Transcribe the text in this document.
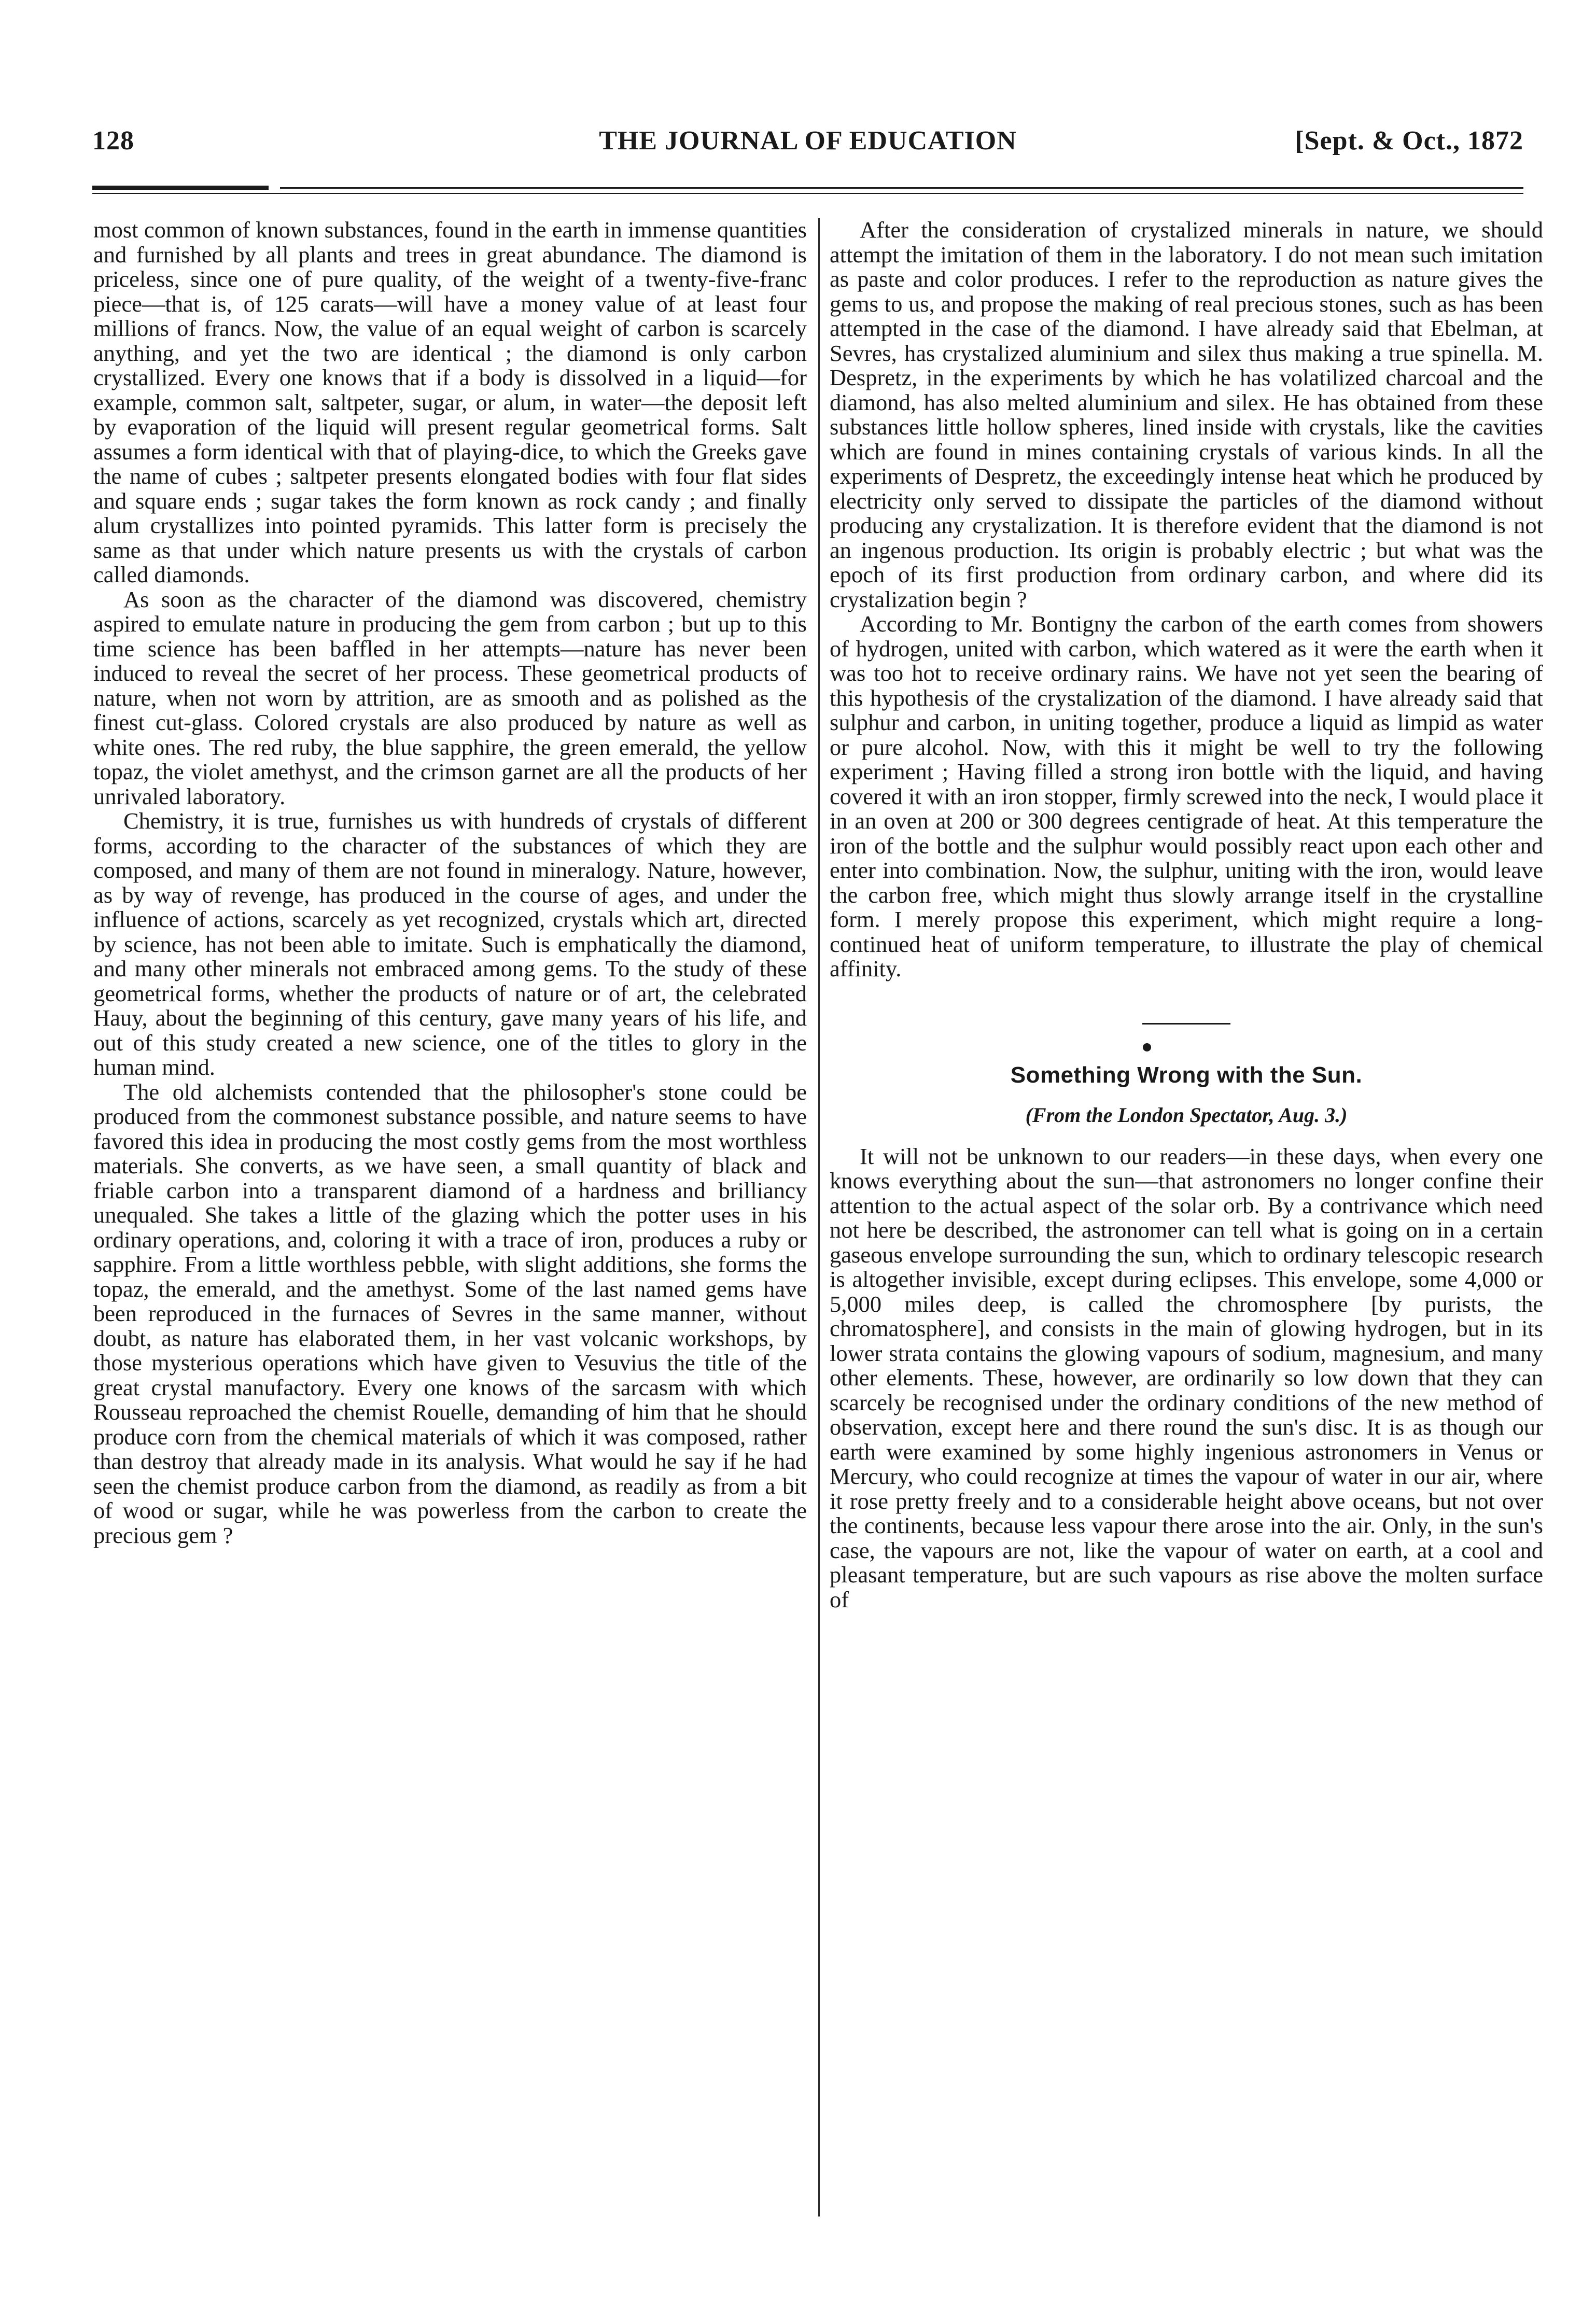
128	THE JOURNAL OF EDUCATION	[Sept. & Oct., 1872

most common of known substances, found in the earth in immense quantities and furnished by all plants and trees in great abundance. The diamond is priceless, since one of pure quality, of the weight of a twenty-five-franc piece—that is, of 125 carats—will have a money value of at least four millions of francs. Now, the value of an equal weight of carbon is scarcely anything, and yet the two are identical ; the diamond is only carbon crystallized. Every one knows that if a body is dissolved in a liquid—for example, common salt, saltpeter, sugar, or alum, in water—the deposit left by evaporation of the liquid will present regular geometrical forms. Salt assumes a form identical with that of playing-dice, to which the Greeks gave the name of cubes ; saltpeter presents elongated bodies with four flat sides and square ends ; sugar takes the form known as rock candy ; and finally alum crystallizes into pointed pyramids. This latter form is precisely the same as that under which nature presents us with the crystals of carbon called diamonds.

As soon as the character of the diamond was discovered, chemistry aspired to emulate nature in producing the gem from carbon ; but up to this time science has been baffled in her attempts—nature has never been induced to reveal the secret of her process. These geometrical products of nature, when not worn by attrition, are as smooth and as polished as the finest cut-glass. Colored crystals are also produced by nature as well as white ones. The red ruby, the blue sapphire, the green emerald, the yellow topaz, the violet amethyst, and the crimson garnet are all the products of her unrivaled laboratory.

Chemistry, it is true, furnishes us with hundreds of crystals of different forms, according to the character of the substances of which they are composed, and many of them are not found in mineralogy. Nature, however, as by way of revenge, has produced in the course of ages, and under the influence of actions, scarcely as yet recognized, crystals which art, directed by science, has not been able to imitate. Such is emphatically the diamond, and many other minerals not embraced among gems. To the study of these geometrical forms, whether the products of nature or of art, the celebrated Hauy, about the beginning of this century, gave many years of his life, and out of this study created a new science, one of the titles to glory in the human mind.

The old alchemists contended that the philosopher's stone could be produced from the commonest substance possible, and nature seems to have favored this idea in producing the most costly gems from the most worthless materials. She converts, as we have seen, a small quantity of black and friable carbon into a transparent diamond of a hardness and brilliancy unequaled. She takes a little of the glazing which the potter uses in his ordinary operations, and, coloring it with a trace of iron, produces a ruby or sapphire. From a little worthless pebble, with slight additions, she forms the topaz, the emerald, and the amethyst. Some of the last named gems have been reproduced in the furnaces of Sevres in the same manner, without doubt, as nature has elaborated them, in her vast volcanic workshops, by those mysterious operations which have given to Vesuvius the title of the great crystal manufactory. Every one knows of the sarcasm with which Rousseau reproached the chemist Rouelle, demanding of him that he should produce corn from the chemical materials of which it was composed, rather than destroy that already made in its analysis. What would he say if he had seen the chemist produce carbon from the diamond, as readily as from a bit of wood or sugar, while he was powerless from the carbon to create the precious gem ?

After the consideration of crystalized minerals in nature, we should attempt the imitation of them in the laboratory. I do not mean such imitation as paste and color produces. I refer to the reproduction as nature gives the gems to us, and propose the making of real precious stones, such as has been attempted in the case of the diamond. I have already said that Ebelman, at Sevres, has crystalized aluminium and silex thus making a true spinella. M. Despretz, in the experiments by which he has volatilized charcoal and the diamond, has also melted aluminium and silex. He has obtained from these substances little hollow spheres, lined inside with crystals, like the cavities which are found in mines containing crystals of various kinds. In all the experiments of Despretz, the exceedingly intense heat which he produced by electricity only served to dissipate the particles of the diamond without producing any crystalization. It is therefore evident that the diamond is not an ingenous production. Its origin is probably electric ; but what was the epoch of its first production from ordinary carbon, and where did its crystalization begin ?

According to Mr. Bontigny the carbon of the earth comes from showers of hydrogen, united with carbon, which watered as it were the earth when it was too hot to receive ordinary rains. We have not yet seen the bearing of this hypothesis of the crystalization of the diamond. I have already said that sulphur and carbon, in uniting together, produce a liquid as limpid as water or pure alcohol. Now, with this it might be well to try the following experiment ; Having filled a strong iron bottle with the liquid, and having covered it with an iron stopper, firmly screwed into the neck, I would place it in an oven at 200 or 300 degrees centigrade of heat. At this temperature the iron of the bottle and the sulphur would possibly react upon each other and enter into combination. Now, the sulphur, uniting with the iron, would leave the carbon free, which might thus slowly arrange itself in the crystalline form. I merely propose this experiment, which might require a long-continued heat of uniform temperature, to illustrate the play of chemical affinity.

Something Wrong with the Sun.
(From the London Spectator, Aug. 3.)

It will not be unknown to our readers—in these days, when every one knows everything about the sun—that astronomers no longer confine their attention to the actual aspect of the solar orb. By a contrivance which need not here be described, the astronomer can tell what is going on in a certain gaseous envelope surrounding the sun, which to ordinary telescopic research is altogether invisible, except during eclipses. This envelope, some 4,000 or 5,000 miles deep, is called the chromosphere [by purists, the chromatosphere], and consists in the main of glowing hydrogen, but in its lower strata contains the glowing vapours of sodium, magnesium, and many other elements. These, however, are ordinarily so low down that they can scarcely be recognised under the ordinary conditions of the new method of observation, except here and there round the sun's disc. It is as though our earth were examined by some highly ingenious astronomers in Venus or Mercury, who could recognize at times the vapour of water in our air, where it rose pretty freely and to a considerable height above oceans, but not over the continents, because less vapour there arose into the air. Only, in the sun's case, the vapours are not, like the vapour of water on earth, at a cool and pleasant temperature, but are such vapours as rise above the molten surface of
